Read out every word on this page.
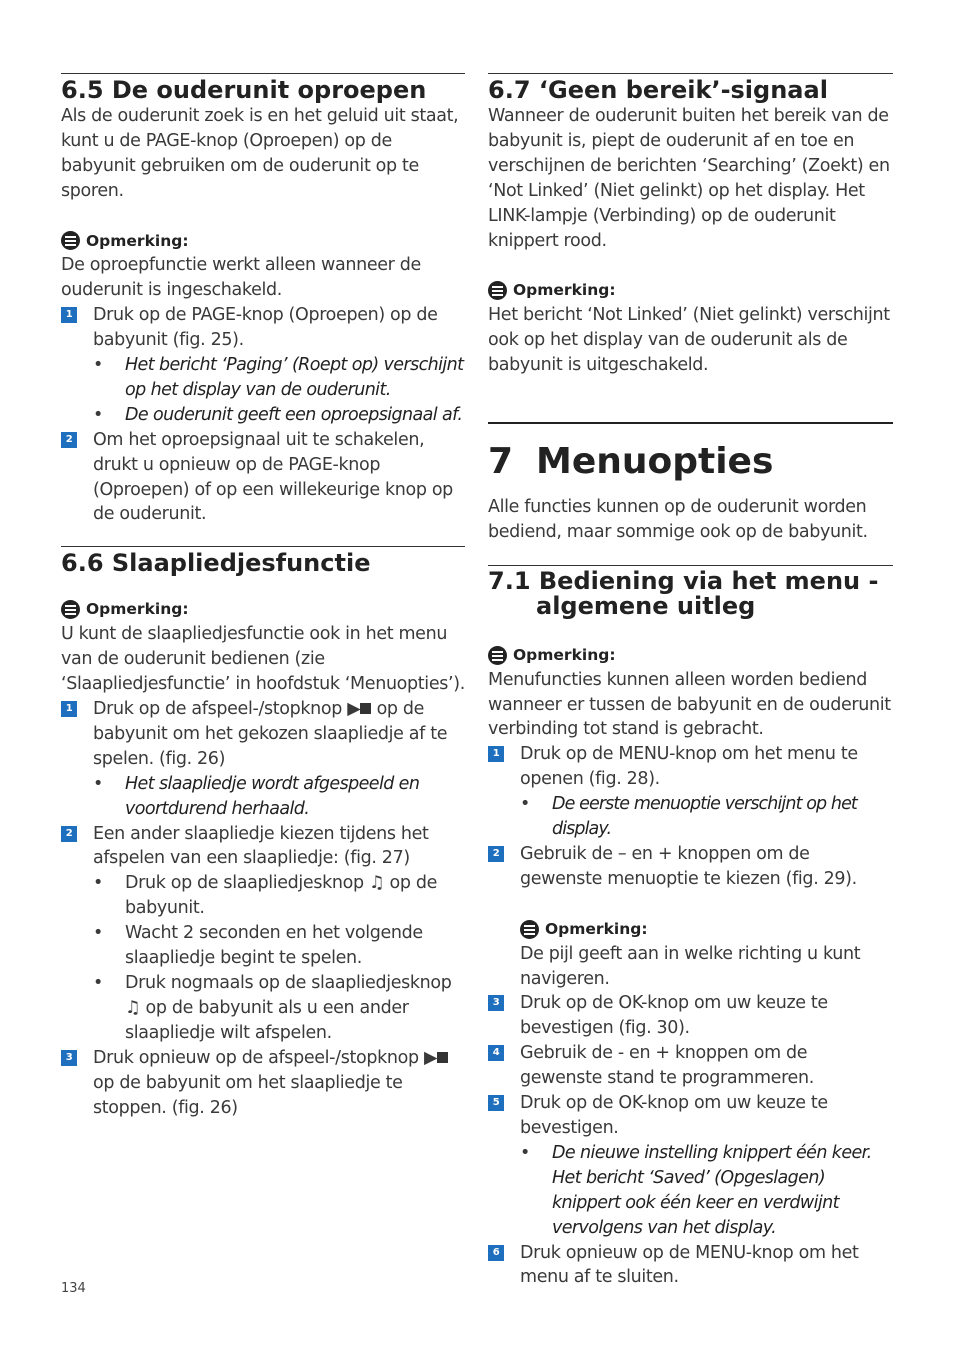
6.5 De ouderunit oproepen

Als de ouderunit zoek is en het geluid uit staat, kunt u de PAGE-knop (Oproepen) op de babyunit gebruiken om de ouderunit op te sporen.

Opmerking:

De oproepfunctie werkt alleen wanneer de ouderunit is ingeschakeld.

1 Druk op de PAGE-knop (Oproepen) op de babyunit (fig. 25).
•	Het bericht ‘Paging’ (Roept op) verschijnt op het display van de ouderunit.
•	De ouderunit geeft een oproepsignaal af.
2 Om het oproepsignaal uit te schakelen, drukt u opnieuw op de PAGE-knop (Oproepen) of op een willekeurige knop op de ouderunit.
6.6 Slaapliedjesfunctie
Opmerking:

U kunt de slaapliedjesfunctie ook in het menu van de ouderunit bedienen (zie ‘Slaapliedjesfunctie’ in hoofdstuk ‘Menuopties’).

1 Druk op de afspeel-/stopknop ▶ op de babyunit om het gekozen slaapliedje af te spelen. (fig. 26)
•	Het slaapliedje wordt afgespeeld en voortdurend herhaald.
2 Een ander slaapliedje kiezen tijdens het afspelen van een slaapliedje: (fig. 27)
•	Druk op de slaapliedjesknop ♫ op de babyunit.
•	Wacht 2 seconden en het volgende slaapliedje begint te spelen.
•	Druk nogmaals op de slaapliedjesknop ♫ op de babyunit als u een ander slaapliedje wilt afspelen.
3 Druk opnieuw op de afspeel-/stopknop ▶ op de babyunit om het slaapliedje te stoppen. (fig. 26)
6.7 ‘Geen bereik’-signaal

Wanneer de ouderunit buiten het bereik van de babyunit is, piept de ouderunit af en toe en verschijnen de berichten ‘Searching’ (Zoekt) en ‘Not Linked’ (Niet gelinkt) op het display. Het LINK-lampje (Verbinding) op de ouderunit knippert rood.

Opmerking:

Het bericht ‘Not Linked’ (Niet gelinkt) verschijnt ook op het display van de ouderunit als de babyunit is uitgeschakeld.

7 Menuopties

Alle functies kunnen op de ouderunit worden bediend, maar sommige ook op de babyunit.

7.1 Bediening via het menu -
algemene uitleg
Opmerking:

Menufuncties kunnen alleen worden bediend wanneer er tussen de babyunit en de ouderunit verbinding tot stand is gebracht.

1 Druk op de MENU-knop om het menu te openen (fig. 28).
•	De eerste menuoptie verschijnt op het display.
2 Gebruik de – en + knoppen om de gewenste menuoptie te kiezen (fig. 29).
Opmerking:

De pijl geeft aan in welke richting u kunt navigeren.

3 Druk op de OK-knop om uw keuze te bevestigen (fig. 30).
4 Gebruik de - en + knoppen om de gewenste stand te programmeren.
5 Druk op de OK-knop om uw keuze te bevestigen.
•	De nieuwe instelling knippert één keer. Het bericht ‘Saved’ (Opgeslagen) knippert ook één keer en verdwijnt vervolgens van het display.
6 Druk opnieuw op de MENU-knop om het menu af te sluiten.
134
